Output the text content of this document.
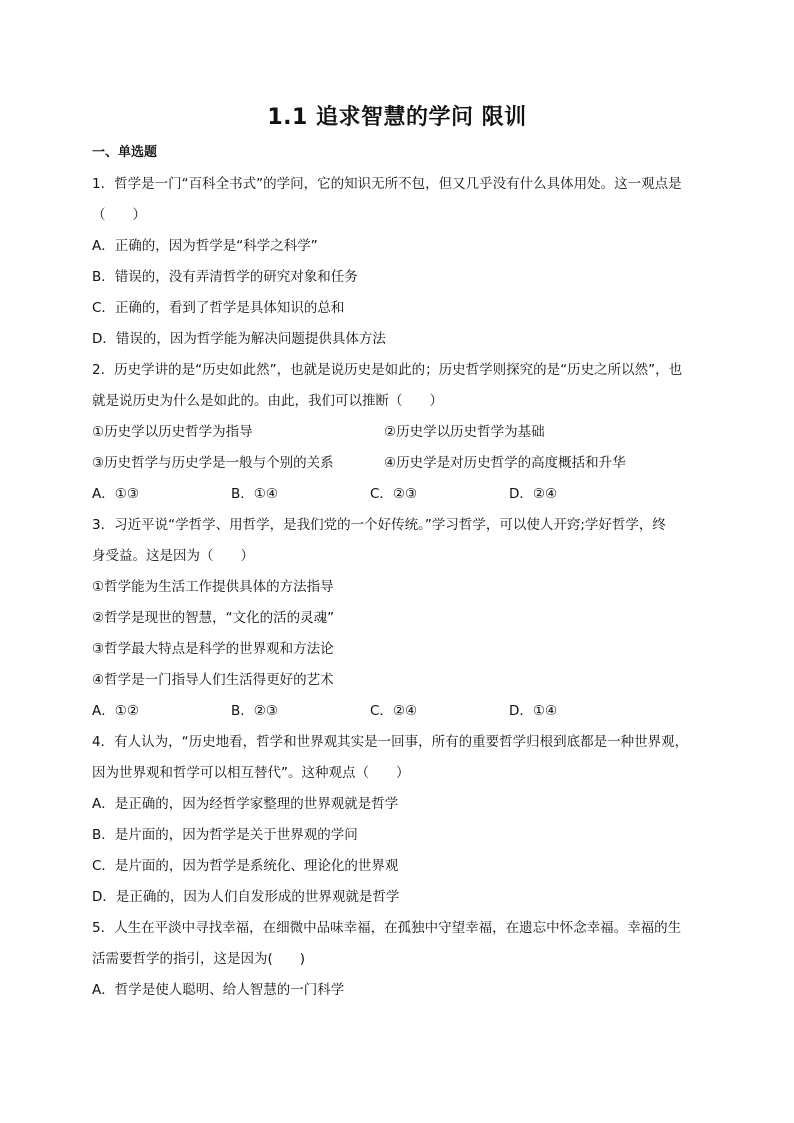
1.1 追求智慧的学问 限训
一、单选题
1．哲学是一门“百科全书式”的学问，它的知识无所不包，但又几乎没有什么具体用处。这一观点是
（　　）
A．正确的，因为哲学是“科学之科学”
B．错误的，没有弄清哲学的研究对象和任务
C．正确的，看到了哲学是具体知识的总和
D．错误的，因为哲学能为解决问题提供具体方法
2．历史学讲的是“历史如此然”，也就是说历史是如此的；历史哲学则探究的是“历史之所以然”，也
就是说历史为什么是如此的。由此，我们可以推断（　　）
①历史学以历史哲学为指导	②历史学以历史哲学为基础
③历史哲学与历史学是一般与个别的关系	④历史学是对历史哲学的高度概括和升华
A．①③	B．①④	C．②③	D．②④
3．习近平说“学哲学、用哲学，是我们党的一个好传统。”学习哲学，可以使人开窍;学好哲学，终
身受益。这是因为（　　）
①哲学能为生活工作提供具体的方法指导
②哲学是现世的智慧，“文化的活的灵魂”
③哲学最大特点是科学的世界观和方法论
④哲学是一门指导人们生活得更好的艺术
A．①②	B．②③	C．②④	D．①④
4．有人认为，“历史地看，哲学和世界观其实是一回事，所有的重要哲学归根到底都是一种世界观，
因为世界观和哲学可以相互替代”。这种观点（　　）
A．是正确的，因为经哲学家整理的世界观就是哲学
B．是片面的，因为哲学是关于世界观的学问
C．是片面的，因为哲学是系统化、理论化的世界观
D．是正确的，因为人们自发形成的世界观就是哲学
5．人生在平淡中寻找幸福，在细微中品味幸福，在孤独中守望幸福，在遗忘中怀念幸福。幸福的生
活需要哲学的指引，这是因为(　　)
A．哲学是使人聪明、给人智慧的一门科学
